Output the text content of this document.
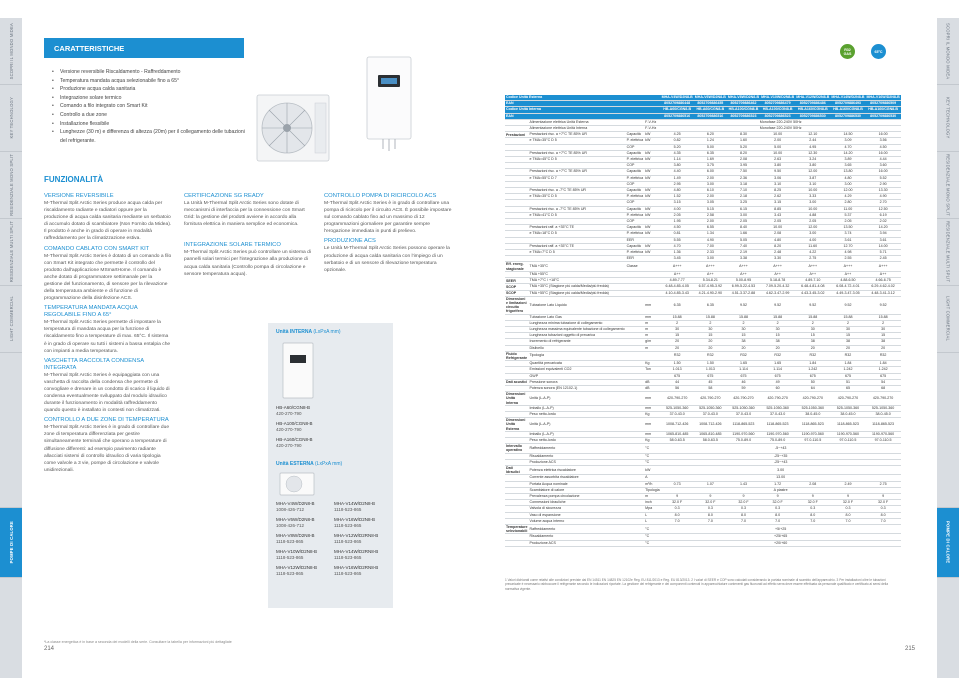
SCOPRI IL MONDO MIDEA
KEY TECHNOLOGY
RESIDENZIALE MONO SPLIT
RESIDENZIALE MULTI SPLIT
LIGHT COMMERCIAL
POMPE DI CALORE
SCOPRI IL MONDO MIDEA
KEY TECHNOLOGY
RESIDENZIALE MONO SPLIT
RESIDENZIALE MULTI SPLIT
LIGHT COMMERCIAL
POMPE DI CALORE
CARATTERISTICHE
• Versione reversibile Riscaldamento - Raffreddamento
• Temperatura mandata acqua selezionabile fino a 65°
• Produzione acqua calda sanitaria
• Integrazione solare termico
• Comando a filo integrato con Smart Kit
• Controllo a due zone
• Installazione flessibile
• Lunghezze (30 m) e differenza di altezza (20m) per il collegamento delle tubazioni del refrigerante.
FUNZIONALITÀ
VERSIONE REVERSIBILE

M-Thermal Split Arctic Series produce acqua calda per riscaldamento radiante e radiatori oppure per la produzione di acqua calda sanitaria mediante un serbatoio di accumulo dotato di scambiatore (Non Fornito da Midea). Il prodotto è anche in grado di operare in modalità raffreddamento per la climatizzazione estiva.

COMANDO CABLATO CON SMART KIT

M-Thermal Split Arctic Series è dotato di un comando a filo con Smart Kit integrato che permette il controllo del prodotto dall'applicazione MSmartHome. Il comando è anche dotato di programmatore settimanale per la gestione del funzionamento, di sensore per la rilevazione della temperatura ambiente e di funzione di programmazione della disinfezione ACS.

TEMPERATURA MANDATA ACQUA REGOLABILE FINO A 65°

M-Thermal Split Arctic Series permette di impostare la temperatura di mandata acqua per la funzione di riscaldamento fino a temperature di max. 65°C. Il sistema è in grado di operare su tutti i sistemi a bassa entalpia che con impianti a media temperatura.

VASCHETTA RACCOLTA CONDENSA INTEGRATA

M-Thermal Split Arctic Series è equipaggiata con una vaschetta di raccolta della condensa che permette di convogliare e drenare in un condotto di scarico il liquido di condensa eventualmente sviluppato dal modulo idraulico durante il funzionamento in modalità raffreddamento quando questo è installato in contesti non climatizzati.

CONTROLLO A DUE ZONE DI TEMPERATURA

M-Thermal Split Arctic Series è in grado di controllare due zone di temperatura differenziata per gestire simultaneamente terminali che operano a temperature di diffusione differenti: ad esempio pavimento radiante allacciati sistemi di controllo idraulico di varia tipologia come valvole a 3 vie, pompe di circolazione e valvole unidirezionali.

CERTIFICAZIONE SG READY

La Unità M-Thermal Split Arctic Series sono dotate di meccanismi di interfaccia per la connessione con Smart Grid: la gestione del prodotti avviene in accordo alla fornitura elettrica in maniera semplice ed economica.

INTEGRAZIONE SOLARE TERMICO

M-Thermal Split Arctic Series può controllare un sistema di pannelli solari termici per l'integrazione alla produzione di acqua calda sanitaria (Controllo pompa di circolazione e sensore temperatura acqua).

CONTROLLO POMPA DI RICIRCOLO ACS

M-Thermal Split Arctic Series è in grado di controllare una pompa di ricircolo per il circuito ACS. È possibile impostare sul comando cablato fino ad un massimo di 12 programmazioni giornaliere per garantire sempre l'erogazione immediata in punti di prelievo.

PRODUZIONE ACS

Le Unità M-Thermal Split Arctic Series possono operare la produzione di acqua calda sanitaria con l'impiego di un serbatoio e di un sensore di rilevazione temperatura opzionale.

Unità INTERNA (LxPxA mm)
HB-A60/CGN8-B
420-270-790
HB-A100/CGN8-B
420-270-790
HB-A160/CGN8-B
420-270-790
Unità ESTERNA (LxPxA mm)
MHA-V4W/D2N8-B
1008-426-712
MHA-V6W/D2N8-B
1008-426-712
MHA-V8W/D2N8-B
1118-523-865
MHA-V10W/D2N8-B
1118-523-865
MHA-V12W/D2N8-B
1118-523-865
MHA-V14W/D2N8-B
1118-523-865
MHA-V16W/D2N8-B
1118-523-865
MHA-V12W/D2RN8-B
1118-523-865
MHA-V14W/D2RN8-B
1118-523-865
MHA-V16W/D2RN8-B
1118-523-865
*La classe energetica è in base a seconda dei modelli della serie. Consultare la tabella per informazioni più dettagliate
214
R32 GAS	65°C
Codice Unità Esterna				MHA-V4W/D2N8-B	MHA-V6W/D2N8-B	MHA-V8W/D2N8-B	MHA-V10W/D2N8-B	MHA-V12W/D2N8-B	MHA-V14W/D2N8-B	MHA-V16W/D2N8-B
EAN				8052709886448	8052709886455	8052709886462	8052709886479	8052709886486	8052709886493	8052709886509
Codice Unità Interna				HB-A60/CGN8-B	HB-A60/CGN8-B	HB-A100/CGN8-B	HB-A100/CGN8-B	HB-A160/CGN8-B	HB-A160/CGN8-B	HB-A160/CGN8-B
EAN				8052709886516	8052709886516	8052709886523	8052709886523	8052709886530	8052709886530	8052709886530
	Alimentazione elettrica Unità Esterna		F-V-Hz	Monofase 220-240V 50Hz						
	Alimentazione elettrica Unità Interna		F-V-Hz	Monofase 220-240V 50Hz						
Prestazioni	Prestazioni risc. a +7°C TE 85% UR	Capacità	kW	4.25	6.20	8.30	10.00	12.10	14.50	16.00
	e TMA=35°C D 5	P. elettrica	kW	0.82	1.24	1.60	2.00	2.44	3.09	3.56
		COP		5.20	5.00	5.20	5.00	4.95	4.70	4.50
	Prestazioni risc. a +7°C TE 85% UR	Capacità	kW	4.35	6.35	8.20	10.00	12.30	14.20	16.00
	e TMA=45°C D 5	P. elettrica	kW	1.14	1.69	2.08	2.63	3.24	3.89	4.44
		COP		3.80	3.75	3.95	3.80	3.80	3.65	3.60
	Prestazioni risc. a +7°C TE 85% UR	Capacità	kW	4.40	6.00	7.50	9.50	12.00	13.80	16.00
	e TMA=55°C D 7	P. elettrica	kW	1.49	2.00	2.36	3.06	3.87	4.80	5.52
		COP		2.95	3.00	3.18	3.10	3.10	3.00	2.90
	Prestazioni risc. a -7°C TE 85% UR	Capacità	kW	4.80	6.10	7.10	8.25	10.00	12.00	13.30
	e TMA=35°C D 5	P. elettrica	kW	1.52	2.00	2.18	2.62	3.33	4.29	4.90
		COP		3.15	3.05	3.25	3.15	3.00	2.80	2.70
	Prestazioni risc. a -7°C TE 85% UR	Capacità	kW	4.00	5.15	6.15	8.85	10.00	11.00	12.50
	e TMA=41°C D 5	P. elettrica	kW	2.05	2.58	3.00	3.43	4.88	5.37	6.19
		COP		1.95	2.00	2.05	2.05	2.05	2.05	2.02
	Prestazioni raff. a +35°C TE	Capacità	kW	4.50	6.55	8.40	10.00	12.00	13.50	14.20
	e TMA=18°C D 5	P. elettrica	kW	0.81	1.34	1.66	2.08	3.00	3.74	3.94
		EER		5.55	4.90	5.05	4.80	4.00	3.61	3.61
	Prestazioni raff. a +35°C TE	Capacità	kW	4.70	7.00	7.40	8.20	11.60	12.70	14.00
	e TMA=7°C D 5	P. elettrica	kW	1.36	2.33	2.19	2.48	4.22	4.98	5.71
		EER		3.45	3.00	3.38	3.30	2.75	2.55	2.45
Eff. energ. stagionale	TMA +35°C	Classe		A+++	A+++	A+++	A+++	A+++	A+++	A+++
	TMA +55°C			A++	A++	A++	A++	A++	A++	A++
SEER	TMA +7°C / +18°C			4.89-7.77	5.34-8.21	5.00-8.95	5.18-8.78	4.89-7.10	4.88-6.50	4.66-6.75
SCOP	TMA +35°C (Stagione più calda/Media/più fredda)			6.48-4.85-4.05	6.57-4.95-3.92	6.99-5.22-4.53	7.09-5.20-4.32	6.48-4.81-4.08	6.08-4.72-4.01	6.29-4.62-4.02
SCOP	TMA +55°C (Stagione più calda/Media/più fredda)			4.10-4.85-3.43	4.21-4.90-2.90	4.51-3.37-2.88	4.62-3.47-2.99	4.43-3.45-3.02	4.49-3.47-3.05	4.48-3.41-3.12
Dimensioni e limitazioni circuito frigorifero	Tubazione Lato Liquido		mm	6.35	6.35	9.52	9.52	9.52	9.52	9.52
	Tubazione Lato Gas		mm	15.88	15.88	15.88	15.88	15.88	15.88	15.88
	Lunghezza minima tubazione di collegamento		m	2	2	2	2	2	2	2
	Lunghezza massima equivalente tubazione di collegamento		m	30	30	30	30	30	30	30
	Lunghezza tubazioni oggetto di precarica		m	15	15	15	15	15	15	15
	Incremento di refrigerante		g/m	20	20	38	38	38	38	38
	Dislivello		m	20	20	20	20	20	20	20
Fluido Refrigerante	Tipologia			R32	R32	R32	R32	R32	R32	R32
	Quantità precaricata		Kg	1.50	1.50	1.65	1.65	1.84	1.84	1.84
	Emissioni equivalenti CO2		Ton	1.013	1.013	1.114	1.114	1.242	1.242	1.242
	GWP			675	675	675	675	675	675	675
Dati acustici	Pressione sonora		dB	44	45	46	49	50	51	54
	Potenza sonora (EN 12102-1)		dB	56	58	59	60	64	65	68
Dimensioni Unità Interna	Unità (L-A-P)		mm	420-790-270	420-790-270	420-790-270	420-790-270	420-790-270	420-790-270	420-790-270
	Imballo (L-A-P)		mm	525-1050-360	525-1050-360	525-1050-360	525-1050-360	525-1050-360	525-1050-360	525-1050-360
	Peso netto-lordo		Kg	37.0-43.0	37.0-43.0	37.0-43.0	37.0-43.0	38.0-45.0	38.0-45.0	38.0-45.0
Dimensioni Unità Esterna	Unità (L-A-P)		mm	1008-712-426	1008-712-426	1118-865-523	1118-865-523	1118-865-523	1118-865-523	1118-865-523
	Imballo (L-A-P)		mm	1065-810-485	1065-810-485	1190-970-560	1190-970-560	1190-970-560	1190-970-560	1190-970-560
	Peso netto-lordo		Kg	58.0-63.5	58.0-63.5	75.0-89.0	75.0-89.0	97.0-110.5	97.0-110.5	97.0-110.5
Intervallo operativo	Raffreddamento		°C	-5~+43						
	Riscaldamento		°C	-25~+35						
	Produzione ACS		°C	-25~+43						
Dati Idraulici	Potenza elettrica riscaldatore		kW	3.00						
	Corrente assorbita riscaldatore		A	13.00						
	Portata Acqua nominale		m³/h	0.73	1.07	1.43	1.72	2.08	2.49	2.75
	Scambiatore di calore		Tipologia	A piastre						
	Prevalenza pompa circolazione		m	9	9	9	9	9	9	9
	Connessioni idrauliche		inch	32.0 F	32.0 F	32.0 F	32.0 F	32.0 F	32.0 F	32.0 F
	Valvola di sicurezza		Mpa	0.3	0.3	0.3	0.3	0.3	0.3	0.3
	Vaso di espansione		L	8.0	8.0	8.0	8.0	8.0	8.0	8.0
	Volume acqua interno		L	7.0	7.0	7.0	7.0	7.0	7.0	7.0
Temperature selezionabili	Raffreddamento		°C	+5/+25						
	Riscaldamento		°C	+25/+65						
	Produzione ACS		°C	+20/+60						
1 Valori dichiarati come relativi alle condizioni previste dai EN 14511 EN 14825 EN 12102e Reg. EU 811/2013 e Reg. EU 813/2013. 2 I valori di SEER e COP sono calcolati considerando la portata nominale di scambio dell'apparecchio. 3 Per installazioni oltre le tubazioni precaricate è necessario rabboccare il refrigerante secondo le indicazioni riportate. La gestione del refrigerante e dei componenti contenuti in apparecchiature contenenti gas fluorurati ad effetto serra deve essere effettuata da personale qualificato e certificato ai sensi della normativa vigente.
215
